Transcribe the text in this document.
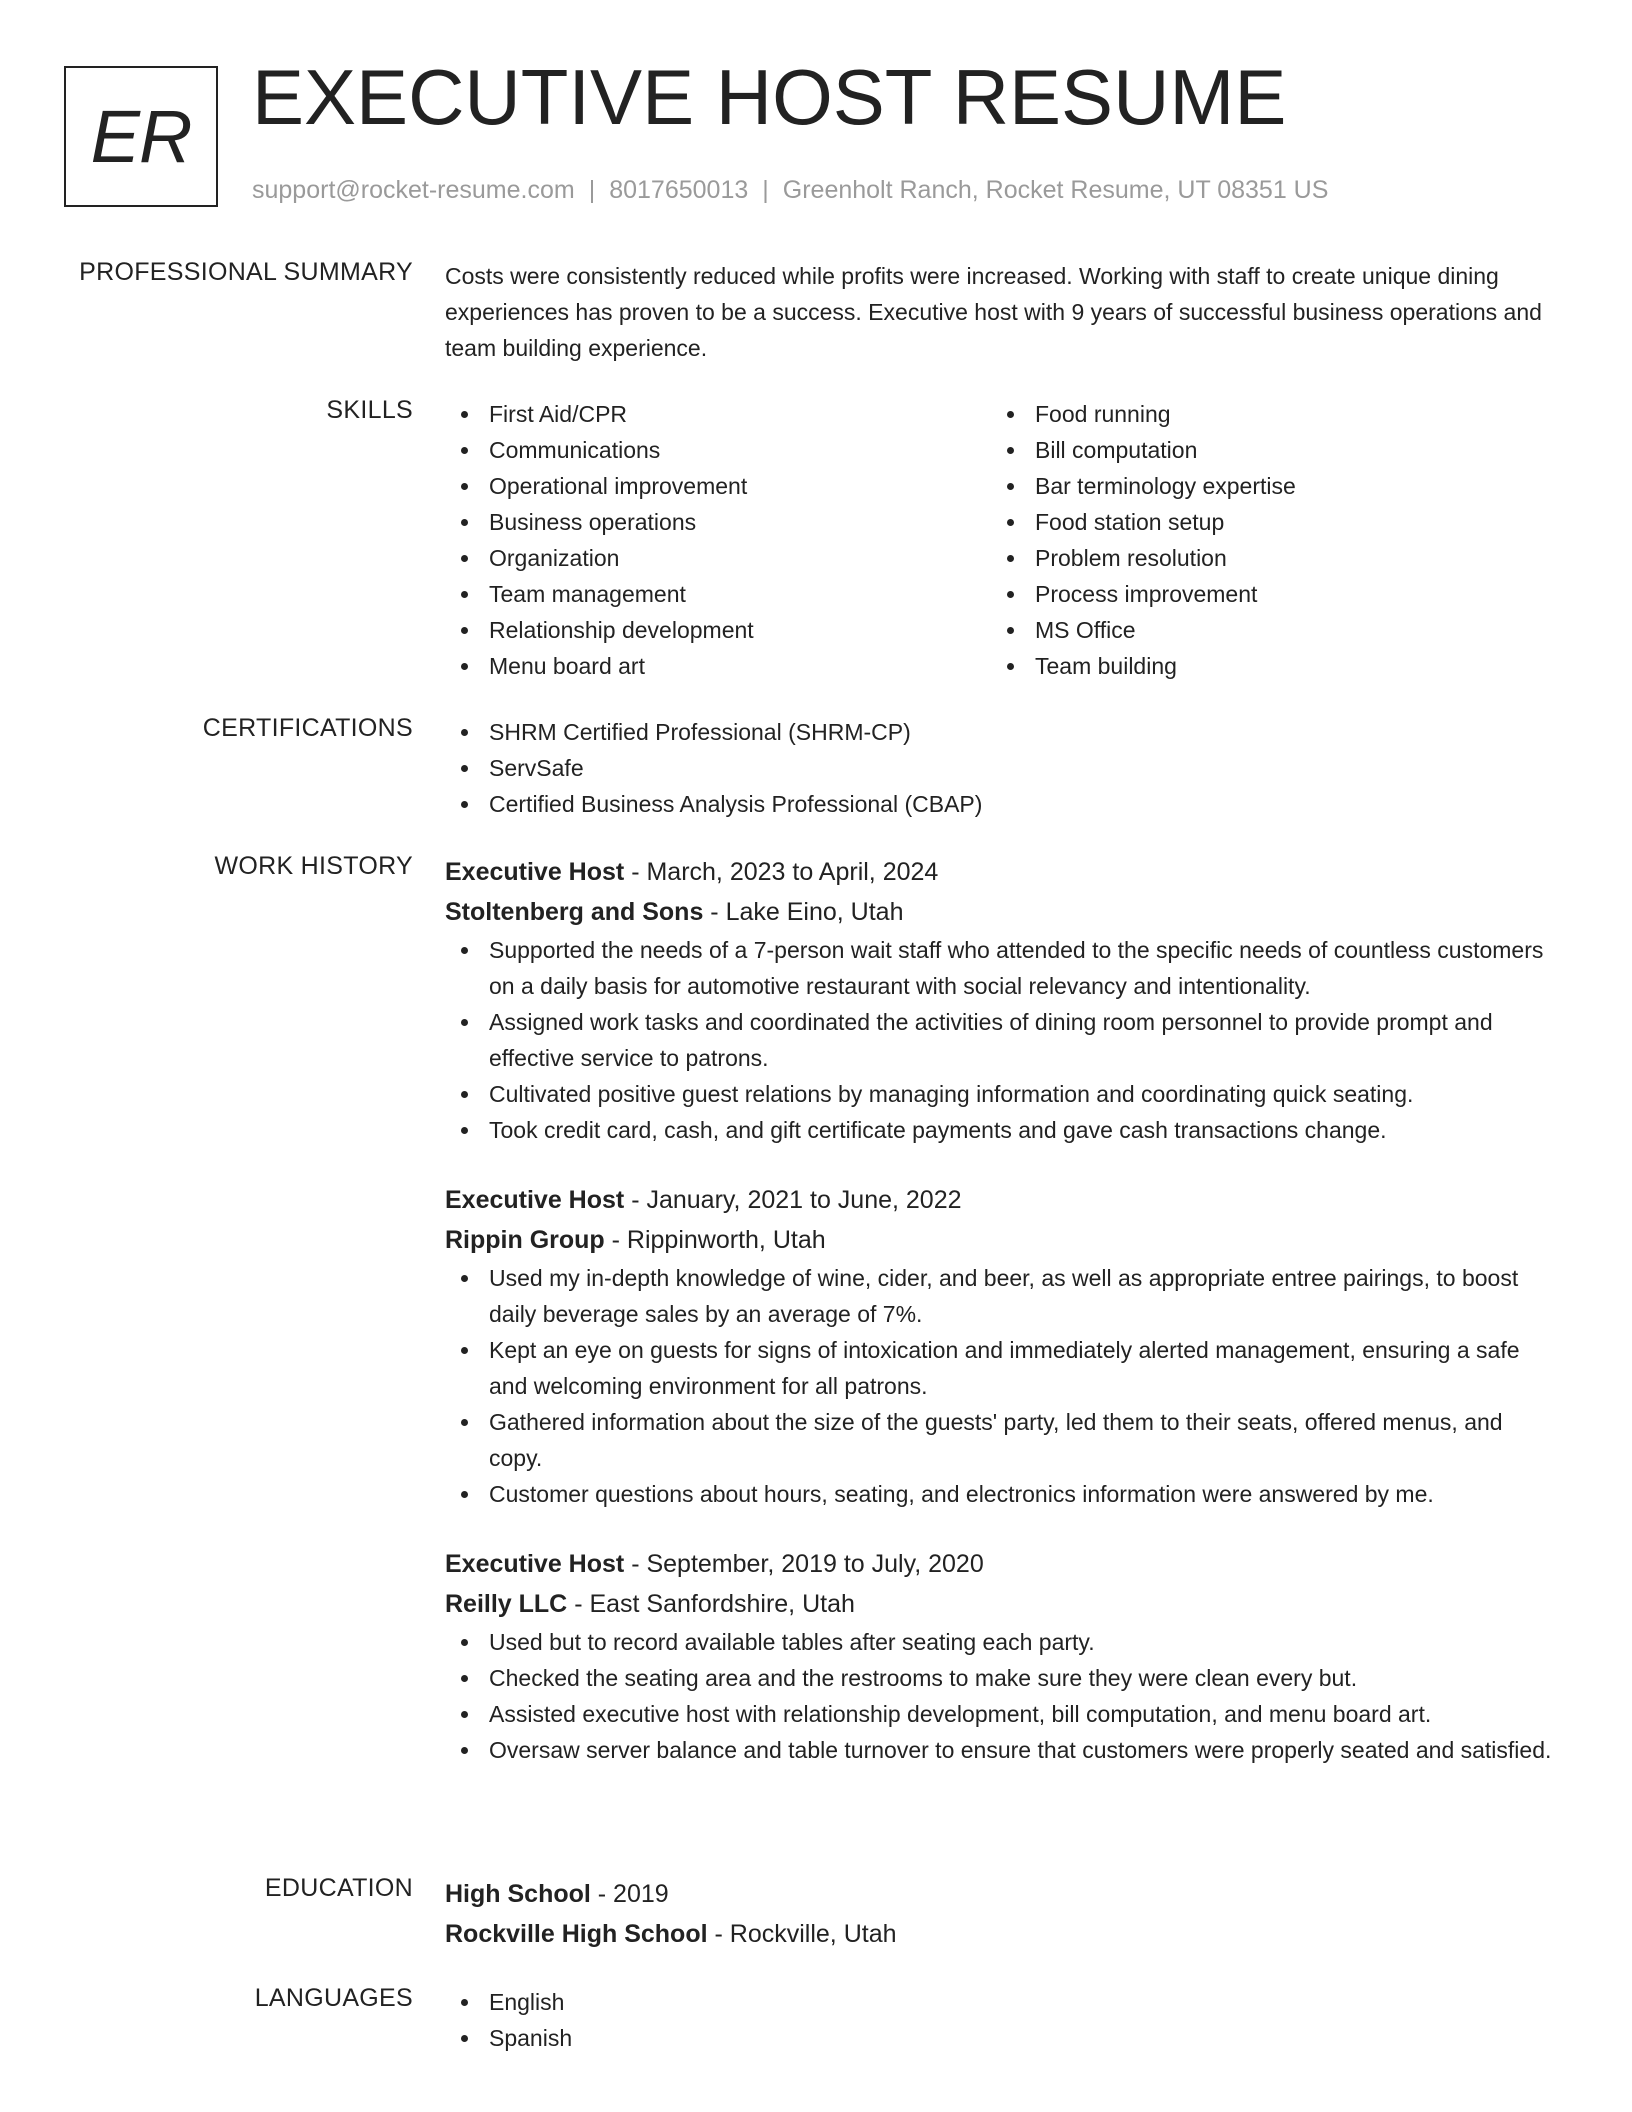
ER EXECUTIVE HOST RESUME
support@rocket-resume.com | 8017650013 | Greenholt Ranch, Rocket Resume, UT 08351 US
PROFESSIONAL SUMMARY Costs were consistently reduced while profits were increased. Working with staff to create unique dining experiences has proven to be a success. Executive host with 9 years of successful business operations and team building experience.

SKILLS	First Aid/CPR
Communications
Operational improvement
Business operations
Organization
Team management
Relationship development
Menu board art
Food running
Bill computation
Bar terminology expertise
Food station setup
Problem resolution
Process improvement
MS Office
Team building
CERTIFICATIONS	SHRM Certified Professional (SHRM-CP)
ServSafe
Certified Business Analysis Professional (CBAP)
WORK HISTORY Executive Host - March, 2023 to April, 2024
Stoltenberg and Sons - Lake Eino, Utah
Supported the needs of a 7-person wait staff who attended to the specific needs of countless customers on a daily basis for automotive restaurant with social relevancy and intentionality.
Assigned work tasks and coordinated the activities of dining room personnel to provide prompt and effective service to patrons.
Cultivated positive guest relations by managing information and coordinating quick seating.
Took credit card, cash, and gift certificate payments and gave cash transactions change.
Executive Host - January, 2021 to June, 2022
Rippin Group - Rippinworth, Utah
Used my in-depth knowledge of wine, cider, and beer, as well as appropriate entree pairings, to boost daily beverage sales by an average of 7%.
Kept an eye on guests for signs of intoxication and immediately alerted management, ensuring a safe and welcoming environment for all patrons.
Gathered information about the size of the guests' party, led them to their seats, offered menus, and copy.
Customer questions about hours, seating, and electronics information were answered by me.
Executive Host - September, 2019 to July, 2020
Reilly LLC - East Sanfordshire, Utah
Used but to record available tables after seating each party.
Checked the seating area and the restrooms to make sure they were clean every but.
Assisted executive host with relationship development, bill computation, and menu board art.
Oversaw server balance and table turnover to ensure that customers were properly seated and satisfied.
EDUCATION High School - 2019
Rockville High School - Rockville, Utah
LANGUAGES	English
Spanish
